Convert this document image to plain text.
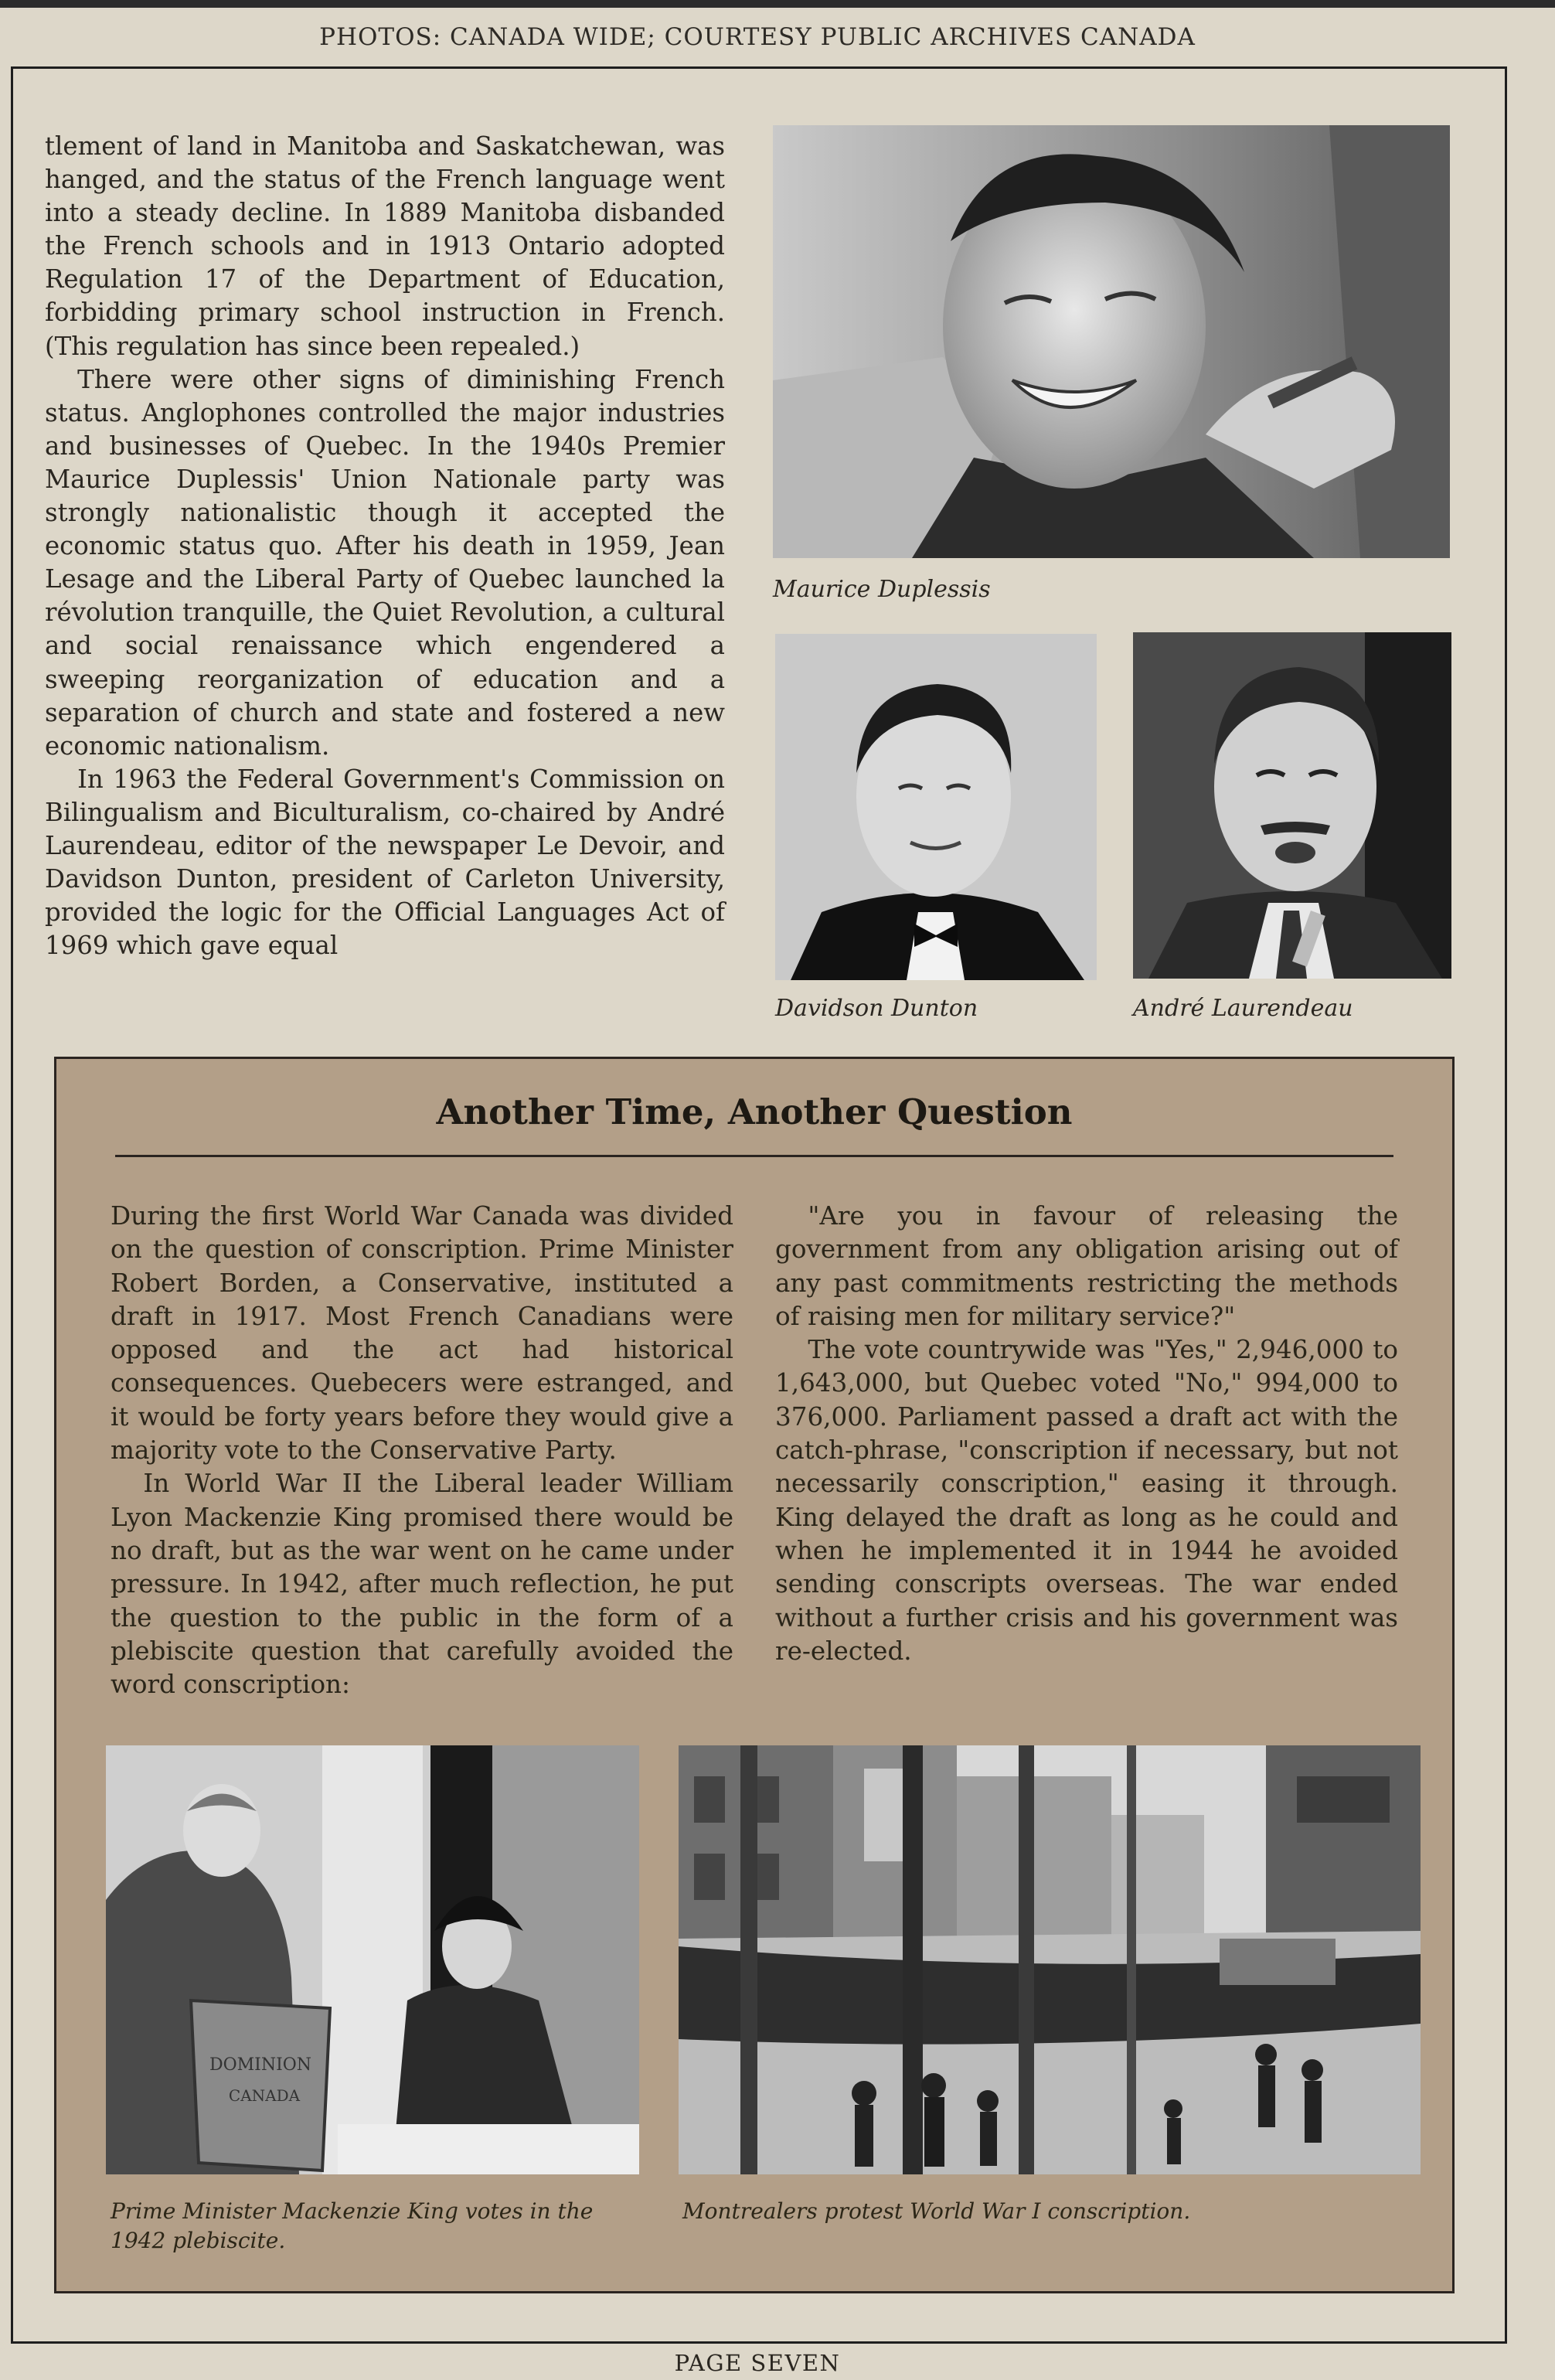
PHOTOS: CANADA WIDE; COURTESY PUBLIC ARCHIVES CANADA

tlement of land in Manitoba and Saskatchewan, was hanged, and the status of the French language went into a steady decline. In 1889 Manitoba disbanded the French schools and in 1913 Ontario adopted Regulation 17 of the Department of Education, forbidding primary school instruction in French. (This regulation has since been repealed.)

There were other signs of diminishing French status. Anglophones controlled the major industries and businesses of Quebec. In the 1940s Premier Maurice Duplessis' Union Nationale party was strongly nationalistic though it accepted the economic status quo. After his death in 1959, Jean Lesage and the Liberal Party of Quebec launched la révolution tranquille, the Quiet Revolution, a cultural and social renaissance which engendered a sweeping reorganization of education and a separation of church and state and fostered a new economic nationalism.

In 1963 the Federal Government's Commission on Bilingualism and Biculturalism, co-chaired by André Laurendeau, editor of the newspaper Le Devoir, and Davidson Dunton, president of Carleton University, provided the logic for the Official Languages Act of 1969 which gave equal

Maurice Duplessis
Davidson Dunton	André Laurendeau
Another Time, Another Question

During the first World War Canada was divided on the question of conscription. Prime Minister Robert Borden, a Conservative, instituted a draft in 1917. Most French Canadians were opposed and the act had historical consequences. Quebecers were estranged, and it would be forty years before they would give a majority vote to the Conservative Party.

In World War II the Liberal leader William Lyon Mackenzie King promised there would be no draft, but as the war went on he came under pressure. In 1942, after much reflection, he put the question to the public in the form of a plebiscite question that carefully avoided the word conscription:

"Are you in favour of releasing the government from any obligation arising out of any past commitments restricting the methods of raising men for military service?"

The vote countrywide was "Yes," 2,946,000 to 1,643,000, but Quebec voted "No," 994,000 to 376,000. Parliament passed a draft act with the catch-phrase, "conscription if necessary, but not necessarily conscription," easing it through. King delayed the draft as long as he could and when he implemented it in 1944 he avoided sending conscripts overseas. The war ended without a further crisis and his government was re-elected.

DOMINION
CANADA
Prime Minister Mackenzie King votes in the 1942 plebiscite.
Montrealers protest World War I conscription.
PAGE SEVEN
